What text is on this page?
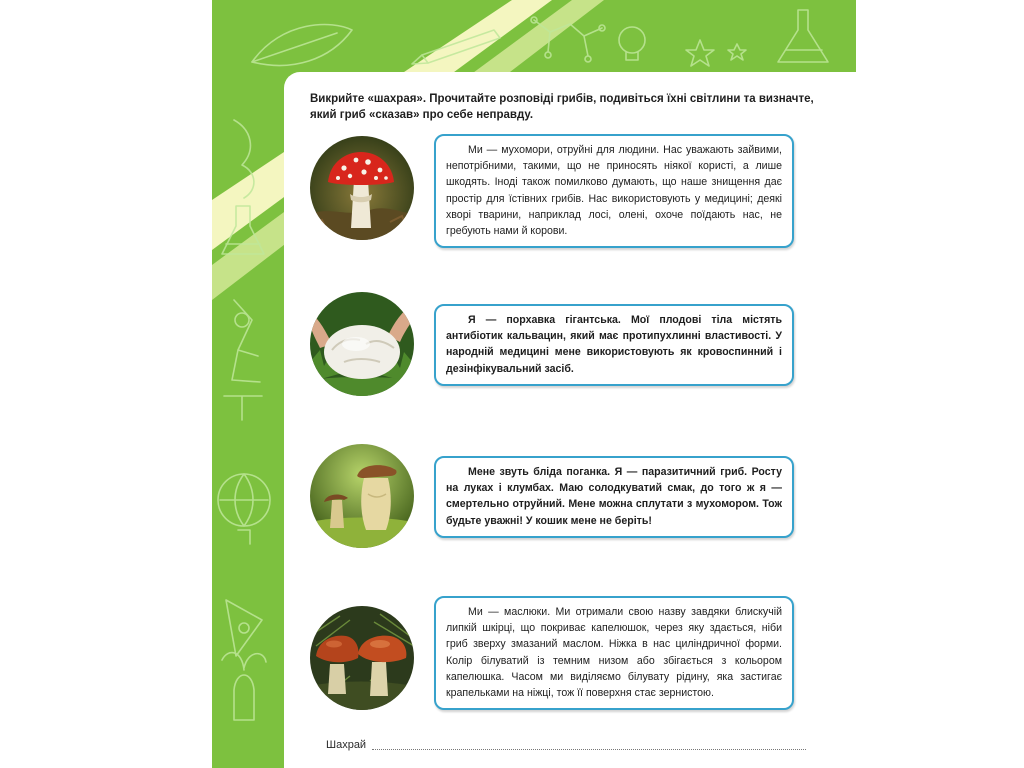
Викрийте «шахрая». Прочитайте розповіді грибів, подивіться їхні світлини та визначте, який гриб «сказав» про себе неправду.

Ми — мухомори, отруйні для людини. Нас уважають зайвими, непотрібними, такими, що не приносять ніякої користі, а лише шкодять. Іноді також помилково думають, що наше знищення дає простір для їстівних грибів. Нас використовують у медицині; деякі хворі тварини, наприклад лосі, олені, охоче поїдають нас, не гребують нами й корови.

Я — порхавка гігантська. Мої плодові тіла містять антибіотик кальвацин, який має протипухлинні властивості. У народній медицині мене використовують як кровоспинний і дезінфікувальний засіб.

Мене звуть бліда поганка. Я — паразитичний гриб. Росту на луках і клумбах. Маю солодкуватий смак, до того ж я — смертельно отруйний. Мене можна сплутати з мухомором. Тож будьте уважні! У кошик мене не беріть!

Ми — маслюки. Ми отримали свою назву завдяки блискучій липкій шкірці, що покриває капелюшок, через яку здається, ніби гриб зверху змазаний маслом. Ніжка в нас циліндричної форми. Колір білуватий із темним низом або збігається з кольором капелюшка. Часом ми виділяємо білувату рідину, яка застигає крапельками на ніжці, тож її поверхня стає зернистою.

Шахрай
